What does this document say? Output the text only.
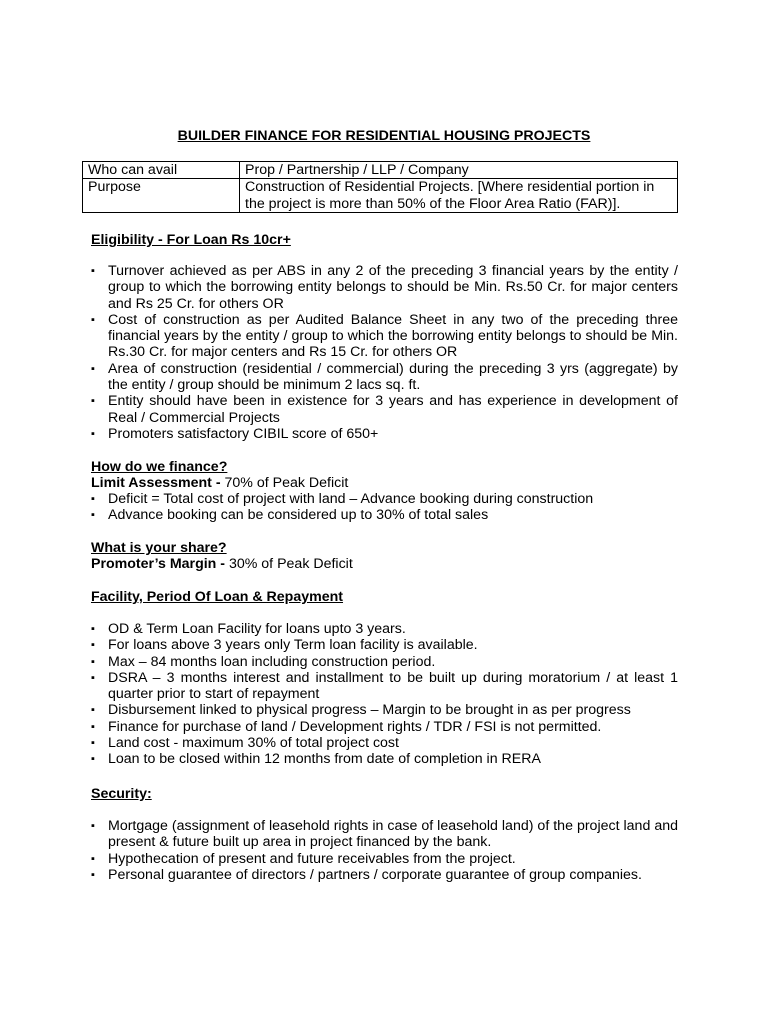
BUILDER FINANCE FOR RESIDENTIAL HOUSING PROJECTS
Who can avail	Prop / Partnership / LLP / Company
Purpose	Construction of Residential Projects. [Where residential portion in the project is more than 50% of the Floor Area Ratio (FAR)].
Eligibility - For Loan Rs 10cr+
▪ Turnover achieved as per ABS in any 2 of the preceding 3 financial years by the entity / group to which the borrowing entity belongs to should be Min. Rs.50 Cr. for major centers and Rs 25 Cr. for others OR
▪ Cost of construction as per Audited Balance Sheet in any two of the preceding three financial years by the entity / group to which the borrowing entity belongs to should be Min. Rs.30 Cr. for major centers and Rs 15 Cr. for others OR
▪ Area of construction (residential / commercial) during the preceding 3 yrs (aggregate) by the entity / group should be minimum 2 lacs sq. ft.
▪ Entity should have been in existence for 3 years and has experience in development of Real / Commercial Projects
▪ Promoters satisfactory CIBIL score of 650+
How do we finance?
Limit Assessment - 70% of Peak Deficit
▪ Deficit = Total cost of project with land – Advance booking during construction
▪ Advance booking can be considered up to 30% of total sales
What is your share?
Promoter’s Margin - 30% of Peak Deficit
Facility, Period Of Loan & Repayment
▪ OD & Term Loan Facility for loans upto 3 years.
▪ For loans above 3 years only Term loan facility is available.
▪ Max – 84 months loan including construction period.
▪ DSRA – 3 months interest and installment to be built up during moratorium / at least 1 quarter prior to start of repayment
▪ Disbursement linked to physical progress – Margin to be brought in as per progress
▪ Finance for purchase of land / Development rights / TDR / FSI is not permitted.
▪ Land cost - maximum 30% of total project cost
▪ Loan to be closed within 12 months from date of completion in RERA
Security:
▪ Mortgage (assignment of leasehold rights in case of leasehold land) of the project land and present & future built up area in project financed by the bank.
▪ Hypothecation of present and future receivables from the project.
▪ Personal guarantee of directors / partners / corporate guarantee of group companies.
